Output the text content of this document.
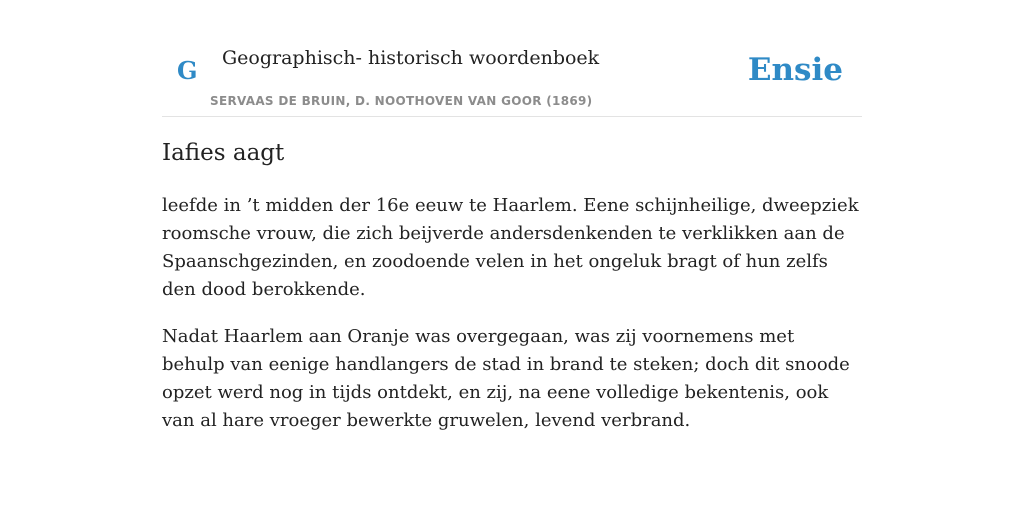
G Geographisch- historisch woordenboek
SERVAAS DE BRUIN, D. NOOTHOVEN VAN GOOR (1869)
Ensie
Iafies aagt

leefde in ’t midden der 16e eeuw te Haarlem. Eene schijnheilige, dweepziek roomsche vrouw, die zich beijverde andersdenkenden te verklikken aan de Spaanschgezinden, en zoodoende velen in het ongeluk bragt of hun zelfs den dood berokkende.

Nadat Haarlem aan Oranje was overgegaan, was zij voornemens met behulp van eenige handlangers de stad in brand te steken; doch dit snoode opzet werd nog in tijds ontdekt, en zij, na eene volledige bekentenis, ook van al hare vroeger bewerkte gruwelen, levend verbrand.
